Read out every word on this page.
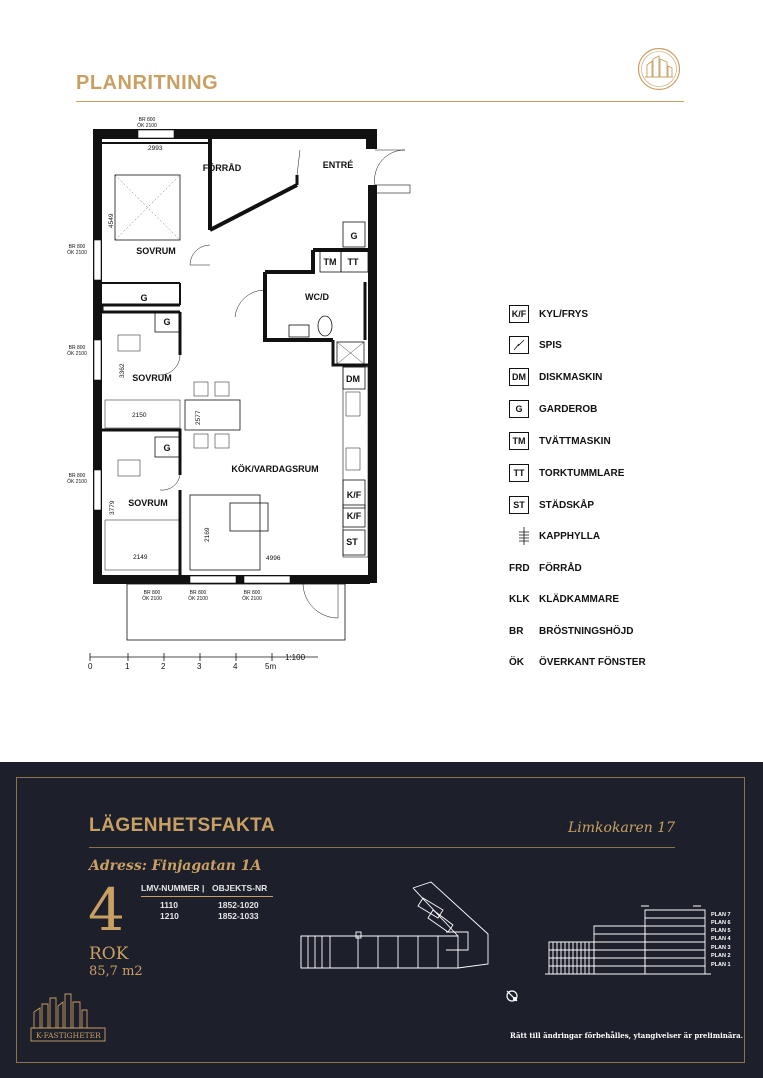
PLANRITNING
FÖRRÅD	ENTRÉ
SOVRUM
SOVRUM
SOVRUM
WC/D
KÖK/VARDAGSRUM
G
G
G
G
TM TT
DM
K/F
K/F
ST
BR 800
ÖK 2100
BR 800
ÖK 2100
BR 800
ÖK 2100
BR 800
ÖK 2100
BR 800
ÖK 2100
BR 800
ÖK 2100
BR 800
ÖK 2100
2993
4549
3362
2150	2577
3779
2149
2169
4996
0	1	2	3	4	5m
1:100
K/F KYL/FRYS
SPIS
DM	DISKMASKIN
G	GARDEROB
TM	TVÄTTMASKIN
TT	TORKTUMMLARE
ST	STÄDSKÅP
KAPPHYLLA
FRD FÖRRÅD
KLK KLÄDKAMMARE
BR	BRÖSTNINGSHÖJD
ÖK	ÖVERKANT FÖNSTER
LÄGENHETSFAKTA	Limkokaren 17
Adress: Finjagatan 1A
4
ROK
85,7 m2
LMV-NUMMER | OBJEKTS-NR
1110	1852-1020
1210	1852-1033	PLAN 7
PLAN 6
PLAN 5
PLAN 4
PLAN 3
PLAN 2
PLAN 1
K-FASTIGHETER	Rätt till ändringar förbehålles, ytangivelser är preliminära.
